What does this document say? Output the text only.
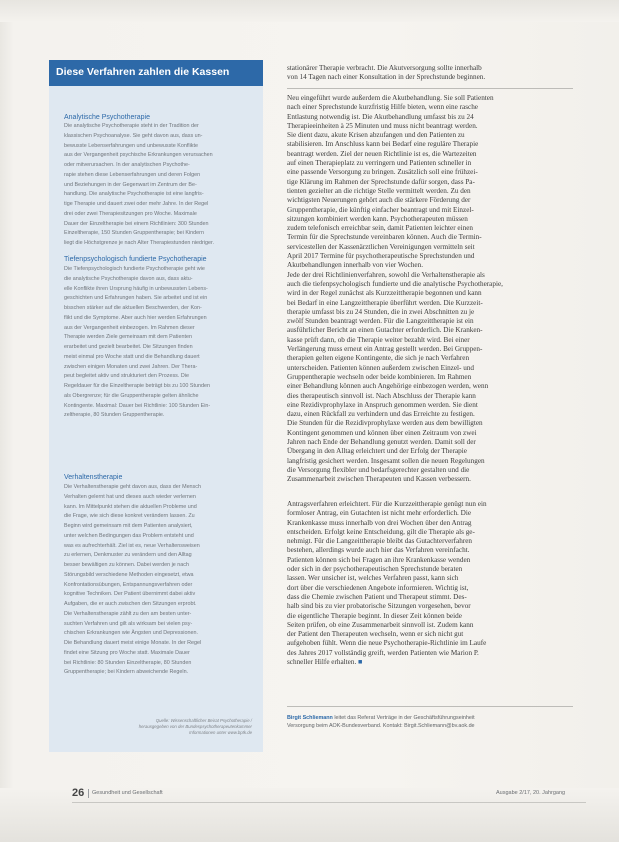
Diese Verfahren zahlen die Kassen
Analytische Psychotherapie
Die analytische Psychotherapie steht in der Tradition der
klassischen Psychoanalyse. Sie geht davon aus, dass un-
bewusste Lebenserfahrungen und unbewusste Konflikte
aus der Vergangenheit psychische Erkrankungen verursachen
oder mitverursachen. In der analytischen Psychothe-
rapie stehen diese Lebenserfahrungen und deren Folgen
und Beziehungen in der Gegenwart im Zentrum der Be-
handlung. Die analytische Psychotherapie ist eine langfris-
tige Therapie und dauert zwei oder mehr Jahre. In der Regel
drei oder zwei Therapiesitzungen pro Woche. Maximale
Dauer der Einzeltherapie bei einem Richtlinien: 300 Stunden
Einzeltherapie, 150 Stunden Gruppentherapie; bei Kindern
liegt die Höchstgrenze je nach Alter Therapiestunden niedriger.
Tiefenpsychologisch fundierte Psychotherapie
Die Tiefenpsychologisch fundierte Psychotherapie geht wie
die analytische Psychotherapie davon aus, dass aktu-
elle Konflikte ihren Ursprung häufig in unbewussten Lebens-
geschichten und Erfahrungen haben. Sie arbeitet und ist ein
bisschen stärker auf die aktuellen Beschwerden, der Kon-
flikt und die Symptome. Aber auch hier werden Erfahrungen
aus der Vergangenheit einbezogen. Im Rahmen dieser
Therapie werden Ziele gemeinsam mit dem Patienten
erarbeitet und gezielt bearbeitet. Die Sitzungen finden
meist einmal pro Woche statt und die Behandlung dauert
zwischen einigen Monaten und zwei Jahren. Der Thera-
peut begleitet aktiv und strukturiert den Prozess. Die
Regeldauer für die Einzeltherapie beträgt bis zu 100 Stunden
als Obergrenze; für die Gruppentherapie gelten ähnliche
Kontingente. Maximal: Dauer bei Richtlinie: 100 Stunden Ein-
zeltherapie, 80 Stunden Gruppentherapie.
Verhaltenstherapie
Die Verhaltenstherapie geht davon aus, dass der Mensch
Verhalten gelernt hat und dieses auch wieder verlernen
kann. Im Mittelpunkt stehen die aktuellen Probleme und
die Frage, wie sich diese konkret verändern lassen. Zu
Beginn wird gemeinsam mit dem Patienten analysiert,
unter welchen Bedingungen das Problem entsteht und
was es aufrechterhält. Ziel ist es, neue Verhaltensweisen
zu erlernen, Denkmuster zu verändern und den Alltag
besser bewältigen zu können. Dabei werden je nach
Störungsbild verschiedene Methoden eingesetzt, etwa
Konfrontationsübungen, Entspannungsverfahren oder
kognitive Techniken. Der Patient übernimmt dabei aktiv
Aufgaben, die er auch zwischen den Sitzungen erprobt.
Die Verhaltenstherapie zählt zu den am besten unter-
suchten Verfahren und gilt als wirksam bei vielen psy-
chischen Erkrankungen wie Ängsten und Depressionen.
Die Behandlung dauert meist einige Monate. In der Regel
findet eine Sitzung pro Woche statt. Maximale Dauer
bei Richtlinie: 80 Stunden Einzeltherapie, 80 Stunden
Gruppentherapie; bei Kindern abweichende Regeln.
Quelle: Wissenschaftlicher Beirat Psychotherapie /
herausgegeben von der Bundespsychotherapeutenkammer
Informationen unter www.bptk.de
stationärer Therapie verbracht. Die Akutversorgung sollte innerhalb
von 14 Tagen nach einer Konsultation in der Sprechstunde beginnen.
Neu eingeführt wurde außerdem die Akutbehandlung. Sie soll Patienten
nach einer Sprechstunde kurzfristig Hilfe bieten, wenn eine rasche
Entlastung notwendig ist. Die Akutbehandlung umfasst bis zu 24
Therapieeinheiten à 25 Minuten und muss nicht beantragt werden.
Sie dient dazu, akute Krisen abzufangen und den Patienten zu
stabilisieren. Im Anschluss kann bei Bedarf eine reguläre Therapie
beantragt werden. Ziel der neuen Richtlinie ist es, die Wartezeiten
auf einen Therapieplatz zu verringern und Patienten schneller in
eine passende Versorgung zu bringen. Zusätzlich soll eine frühzei-
tige Klärung im Rahmen der Sprechstunde dafür sorgen, dass Pa-
tienten gezielter an die richtige Stelle vermittelt werden. Zu den
wichtigsten Neuerungen gehört auch die stärkere Förderung der
Gruppentherapie, die künftig einfacher beantragt und mit Einzel-
sitzungen kombiniert werden kann. Psychotherapeuten müssen
zudem telefonisch erreichbar sein, damit Patienten leichter einen
Termin für die Sprechstunde vereinbaren können. Auch die Termin-
servicestellen der Kassenärztlichen Vereinigungen vermitteln seit
April 2017 Termine für psychotherapeutische Sprechstunden und
Akutbehandlungen innerhalb von vier Wochen.
Jede der drei Richtlinienverfahren, sowohl die Verhaltenstherapie als
auch die tiefenpsychologisch fundierte und die analytische Psychotherapie,
wird in der Regel zunächst als Kurzzeittherapie begonnen und kann
bei Bedarf in eine Langzeittherapie überführt werden. Die Kurzzeit-
therapie umfasst bis zu 24 Stunden, die in zwei Abschnitten zu je
zwölf Stunden beantragt werden. Für die Langzeittherapie ist ein
ausführlicher Bericht an einen Gutachter erforderlich. Die Kranken-
kasse prüft dann, ob die Therapie weiter bezahlt wird. Bei einer
Verlängerung muss erneut ein Antrag gestellt werden. Bei Gruppen-
therapien gelten eigene Kontingente, die sich je nach Verfahren
unterscheiden. Patienten können außerdem zwischen Einzel- und
Gruppentherapie wechseln oder beide kombinieren. Im Rahmen
einer Behandlung können auch Angehörige einbezogen werden, wenn
dies therapeutisch sinnvoll ist. Nach Abschluss der Therapie kann
eine Rezidivprophylaxe in Anspruch genommen werden. Sie dient
dazu, einen Rückfall zu verhindern und das Erreichte zu festigen.
Die Stunden für die Rezidivprophylaxe werden aus dem bewilligten
Kontingent genommen und können über einen Zeitraum von zwei
Jahren nach Ende der Behandlung genutzt werden. Damit soll der
Übergang in den Alltag erleichtert und der Erfolg der Therapie
langfristig gesichert werden. Insgesamt sollen die neuen Regelungen
die Versorgung flexibler und bedarfsgerechter gestalten und die
Zusammenarbeit zwischen Therapeuten und Kassen verbessern.
Antragsverfahren erleichtert. Für die Kurzzeittherapie genügt nun ein
formloser Antrag, ein Gutachten ist nicht mehr erforderlich. Die
Krankenkasse muss innerhalb von drei Wochen über den Antrag
entscheiden. Erfolgt keine Entscheidung, gilt die Therapie als ge-
nehmigt. Für die Langzeittherapie bleibt das Gutachterverfahren
bestehen, allerdings wurde auch hier das Verfahren vereinfacht.
Patienten können sich bei Fragen an ihre Krankenkasse wenden
oder sich in der psychotherapeutischen Sprechstunde beraten
lassen. Wer unsicher ist, welches Verfahren passt, kann sich
dort über die verschiedenen Angebote informieren. Wichtig ist,
dass die Chemie zwischen Patient und Therapeut stimmt. Des-
halb sind bis zu vier probatorische Sitzungen vorgesehen, bevor
die eigentliche Therapie beginnt. In dieser Zeit können beide
Seiten prüfen, ob eine Zusammenarbeit sinnvoll ist. Zudem kann
der Patient den Therapeuten wechseln, wenn er sich nicht gut
aufgehoben fühlt. Wenn die neue Psychotherapie-Richtlinie im Laufe
des Jahres 2017 vollständig greift, werden Patienten wie Marion P.
schneller Hilfe erhalten. ■
Birgit Schliemann leitet das Referat Verträge in der Geschäftsführungseinheit
Versorgung beim AOK-Bundesverband. Kontakt: Birgit.Schliemann@bv.aok.de
26 Gesundheit und Gesellschaft	Ausgabe 2/17, 20. Jahrgang
